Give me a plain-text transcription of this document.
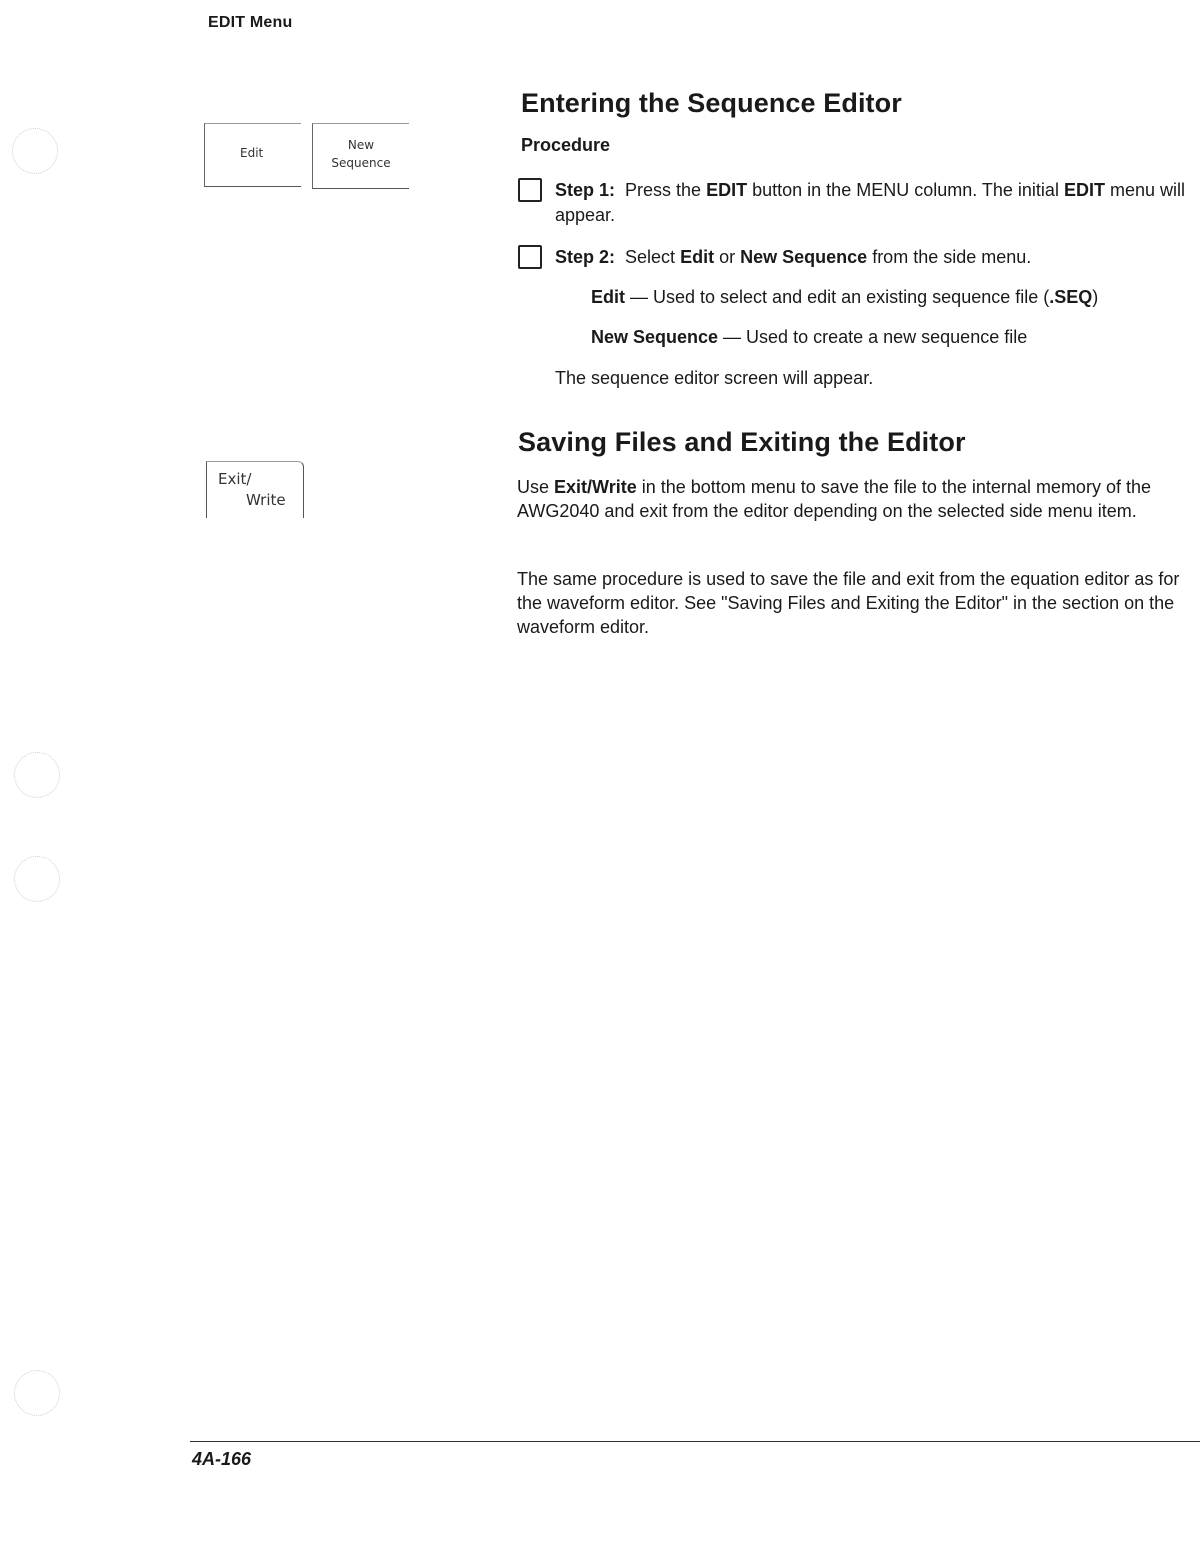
EDIT Menu
Edit
New
Sequence
Exit/
Write
Entering the Sequence Editor
Procedure
Step 1: Press the EDIT button in the MENU column. The initial EDIT menu will appear.
Step 2: Select Edit or New Sequence from the side menu.
Edit — Used to select and edit an existing sequence file (.SEQ)
New Sequence — Used to create a new sequence file
The sequence editor screen will appear.
Saving Files and Exiting the Editor
Use Exit/Write in the bottom menu to save the file to the internal memory of the AWG2040 and exit from the editor depending on the selected side menu item.
The same procedure is used to save the file and exit from the equation editor as for the waveform editor. See "Saving Files and Exiting the Editor" in the section on the waveform editor.
4A-166
